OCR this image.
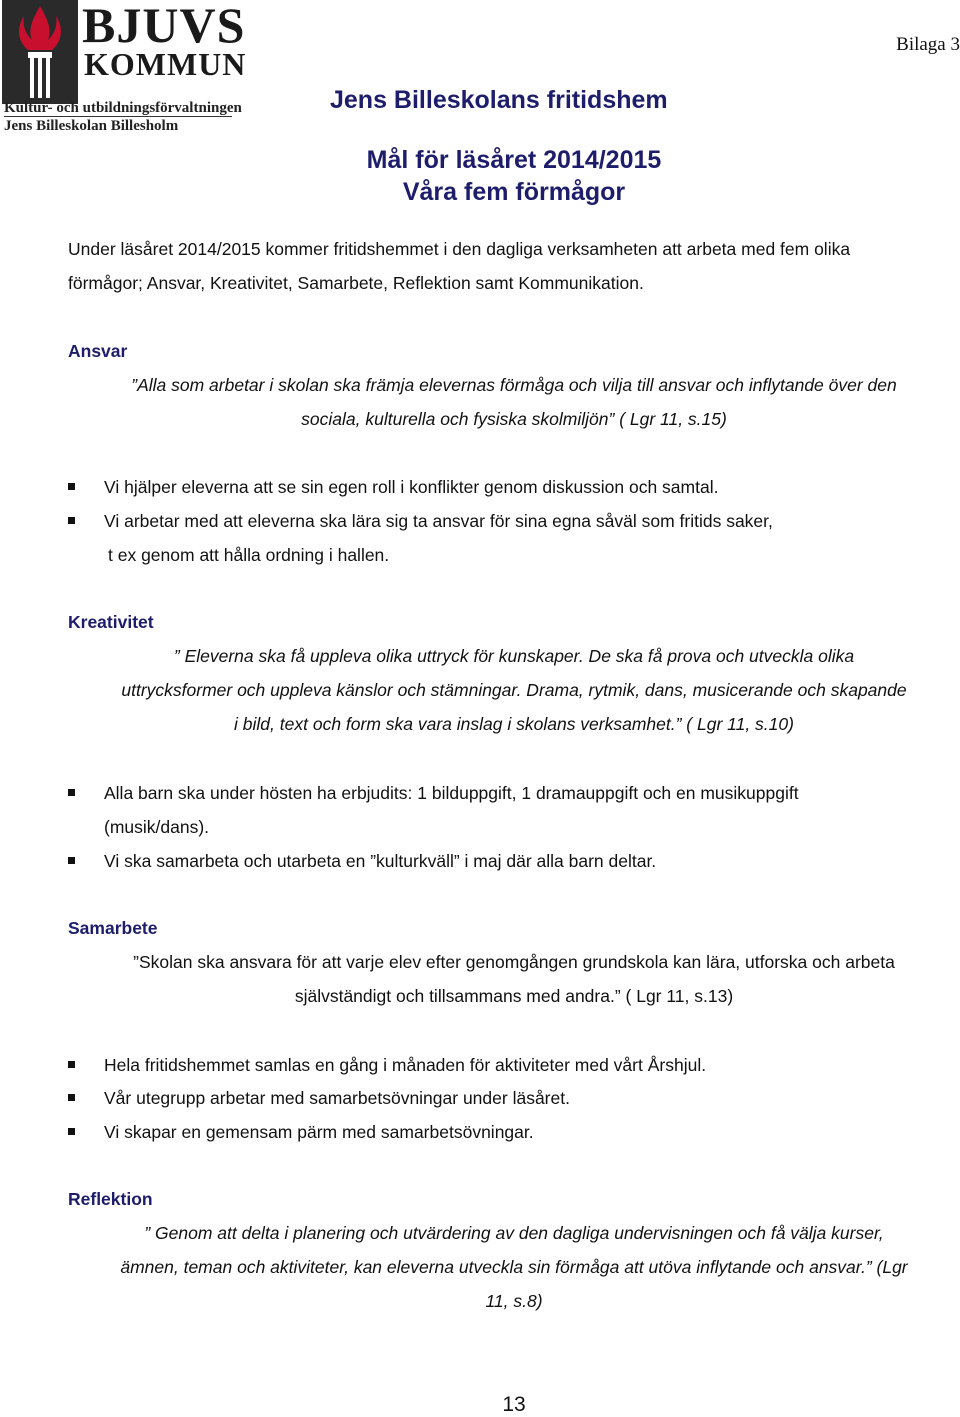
BJUVS
KOMMUN
Kultur- och utbildningsförvaltningen
Jens Billeskolan Billesholm
Bilaga 3
Jens Billeskolans fritidshem
Mål för läsåret 2014/2015
Våra fem förmågor
Under läsåret 2014/2015 kommer fritidshemmet i den dagliga verksamheten att arbeta med fem olika
förmågor; Ansvar, Kreativitet, Samarbete, Reflektion samt Kommunikation.
Ansvar
”Alla som arbetar i skolan ska främja elevernas förmåga och vilja till ansvar och inflytande över den
sociala, kulturella och fysiska skolmiljön” ( Lgr 11, s.15)
Vi hjälper eleverna att se sin egen roll i konflikter genom diskussion och samtal.
Vi arbetar med att eleverna ska lära sig ta ansvar för sina egna såväl som fritids saker,
t ex genom att hålla ordning i hallen.
Kreativitet
” Eleverna ska få uppleva olika uttryck för kunskaper. De ska få prova och utveckla olika
uttrycksformer och uppleva känslor och stämningar. Drama, rytmik, dans, musicerande och skapande
i bild, text och form ska vara inslag i skolans verksamhet.” ( Lgr 11, s.10)
Alla barn ska under hösten ha erbjudits: 1 bilduppgift, 1 dramauppgift och en musikuppgift
(musik/dans).
Vi ska samarbeta och utarbeta en ”kulturkväll” i maj där alla barn deltar.
Samarbete
”Skolan ska ansvara för att varje elev efter genomgången grundskola kan lära, utforska och arbeta
självständigt och tillsammans med andra.” ( Lgr 11, s.13)
Hela fritidshemmet samlas en gång i månaden för aktiviteter med vårt Årshjul.
Vår utegrupp arbetar med samarbetsövningar under läsåret.
Vi skapar en gemensam pärm med samarbetsövningar.
Reflektion
” Genom att delta i planering och utvärdering av den dagliga undervisningen och få välja kurser,
ämnen, teman och aktiviteter, kan eleverna utveckla sin förmåga att utöva inflytande och ansvar.” (Lgr
11, s.8)
13
